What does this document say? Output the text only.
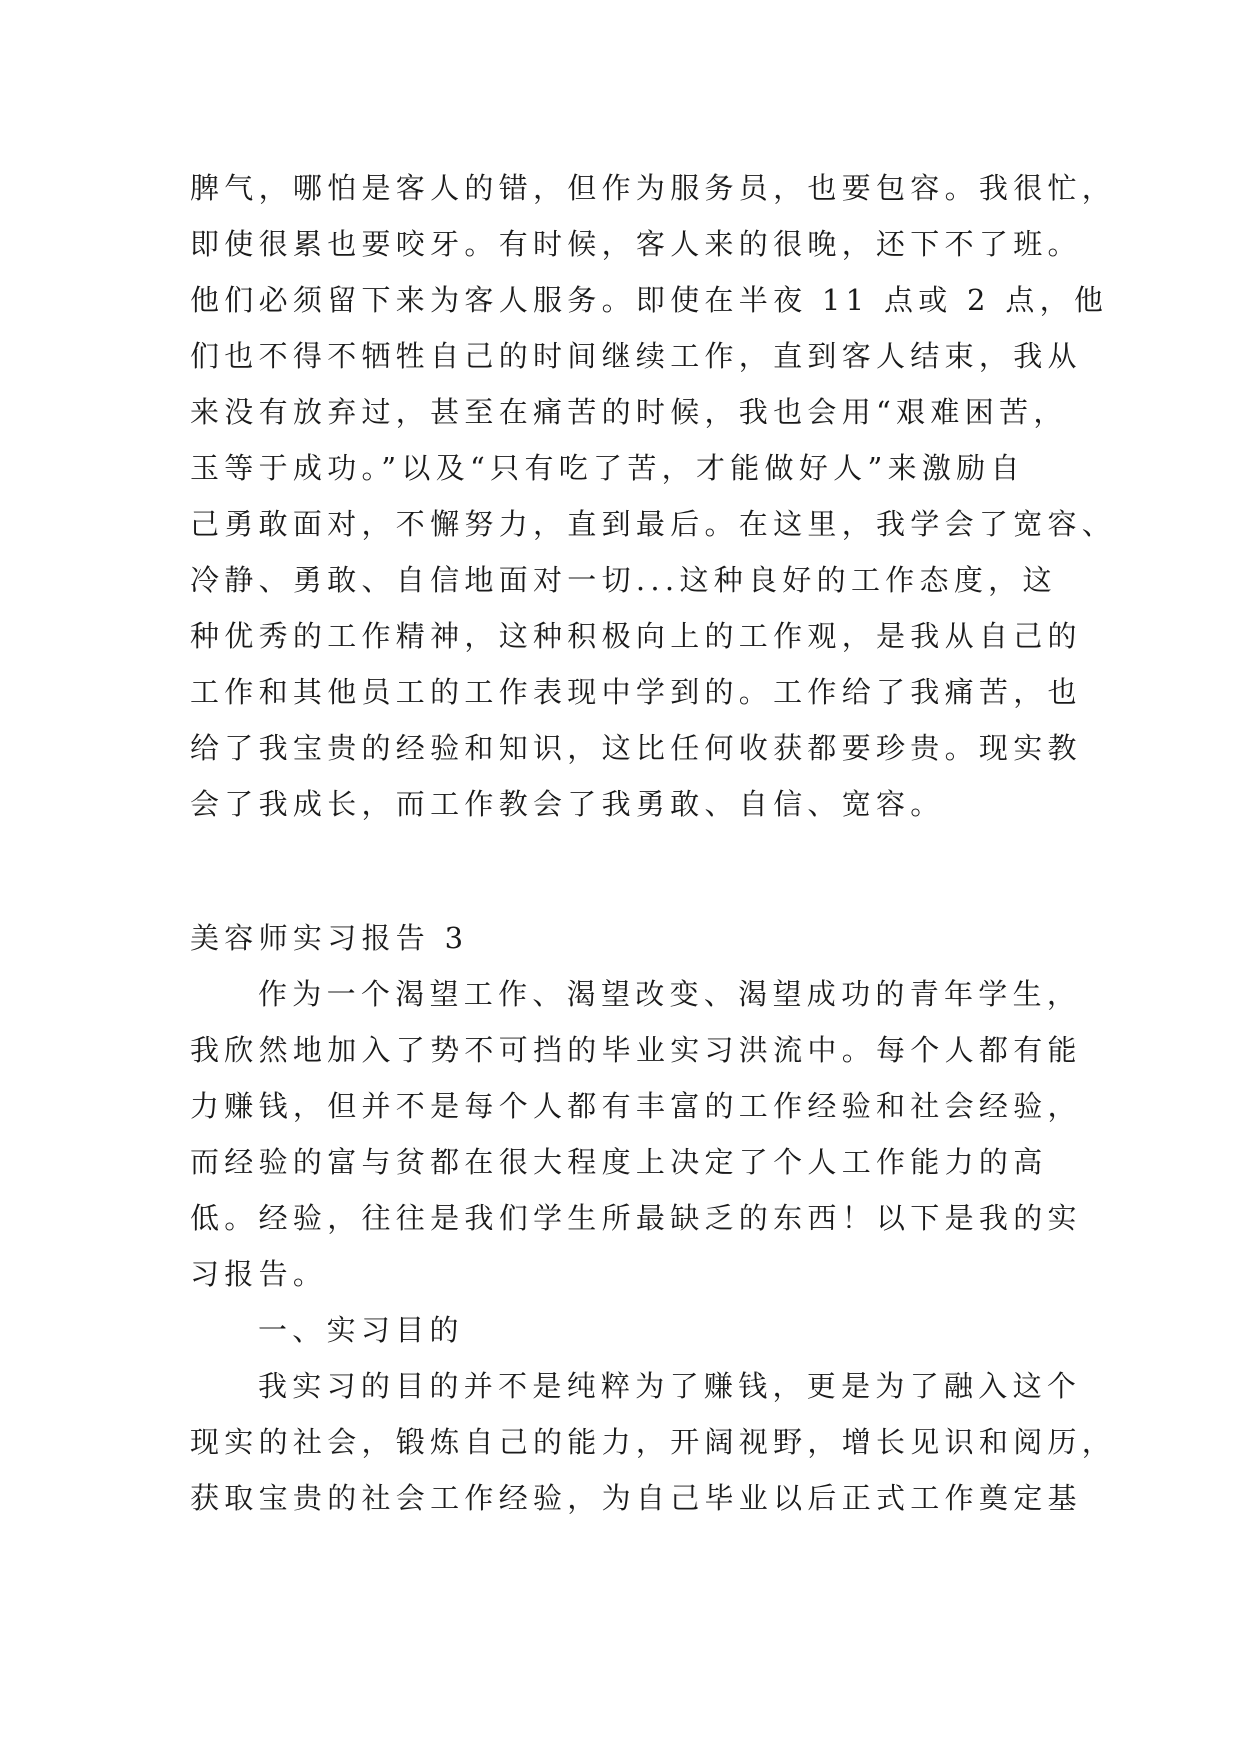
脾气，哪怕是客人的错，但作为服务员，也要包容。我很忙，
即使很累也要咬牙。有时候，客人来的很晚，还下不了班。
他们必须留下来为客人服务。即使在半夜 11 点或 2 点，他
们也不得不牺牲自己的时间继续工作，直到客人结束，我从
来没有放弃过，甚至在痛苦的时候，我也会用“艰难困苦，
玉等于成功。”以及“只有吃了苦，才能做好人”来激励自
己勇敢面对，不懈努力，直到最后。在这里，我学会了宽容、
冷静、勇敢、自信地面对一切...这种良好的工作态度，这
种优秀的工作精神，这种积极向上的工作观，是我从自己的
工作和其他员工的工作表现中学到的。工作给了我痛苦，也
给了我宝贵的经验和知识，这比任何收获都要珍贵。现实教
会了我成长，而工作教会了我勇敢、自信、宽容。
美容师实习报告 3
作为一个渴望工作、渴望改变、渴望成功的青年学生，
我欣然地加入了势不可挡的毕业实习洪流中。每个人都有能
力赚钱，但并不是每个人都有丰富的工作经验和社会经验，
而经验的富与贫都在很大程度上决定了个人工作能力的高
低。经验，往往是我们学生所最缺乏的东西！以下是我的实
习报告。
一、实习目的
我实习的目的并不是纯粹为了赚钱，更是为了融入这个
现实的社会，锻炼自己的能力，开阔视野，增长见识和阅历，
获取宝贵的社会工作经验，为自己毕业以后正式工作奠定基
